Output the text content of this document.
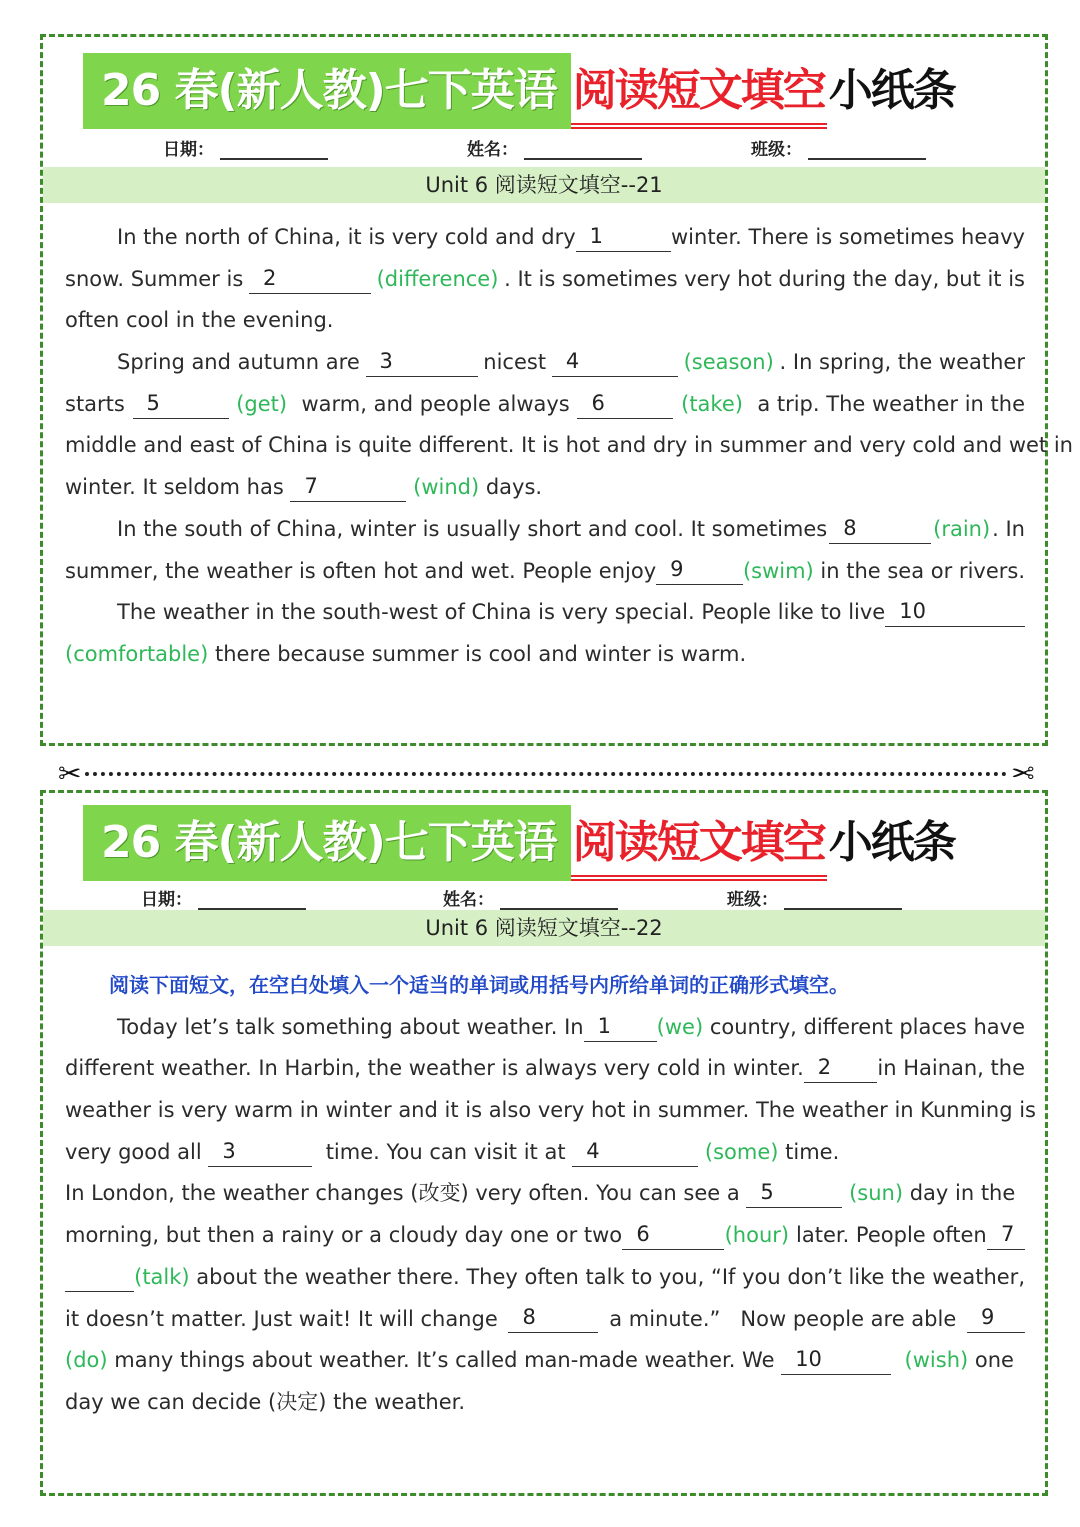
26 春(新人教)七下英语 阅读短文填空 小纸条
日期：	姓名：	班级：
Unit 6 阅读短文填空--21
In the north of China, it is very cold and dry 1	winter. There is sometimes heavy
snow. Summer is 2	(difference) . It is sometimes very hot during the day, but it is
often cool in the evening.
Spring and autumn are 3	nicest 4	(season) . In spring, the weather
starts	5	(get) warm, and people always	6	(take) a trip. The weather in the
middle and east of China is quite different. It is hot and dry in summer and very cold and wet in
winter. It seldom has 7
	(wind) days.
In the south of China, winter is usually short and cool. It sometimes 8	(rain) . In
summer, the weather is often hot and wet. People enjoy 9	(swim) in the sea or rivers.
The weather in the south-west of China is very special. People like to live 10
(comfortable) there because summer is cool and winter is warm.
✂	✂
26 春(新人教)七下英语 阅读短文填空 小纸条
日期：	姓名：	班级：
Unit 6 阅读短文填空--22
阅读下面短文，在空白处填入一个适当的单词或用括号内所给单词的正确形式填空。
Today let’s talk something about weather. In 1	(we) country, different places have
different weather. In Harbin, the weather is always very cold in winter. 2	in Hainan, the
weather is very warm in winter and it is also very hot in summer. The weather in Kunming is
very good all 3	time. You can visit it at 4
	(some) time.
In London, the weather changes (改变) very often. You can see a 5
	(sun) day in the
morning, but then a rainy or a cloudy day one or two 6	(hour) later. People often 7
(talk) about the weather there. They often talk to you, “If you don’t like the weather,
it doesn’t matter. Just wait! It will change	8	a minute.”   Now people are able	9
(do) many things about weather. It’s called man-made weather. We 10
	(wish) one
day we can decide (决定) the weather.
